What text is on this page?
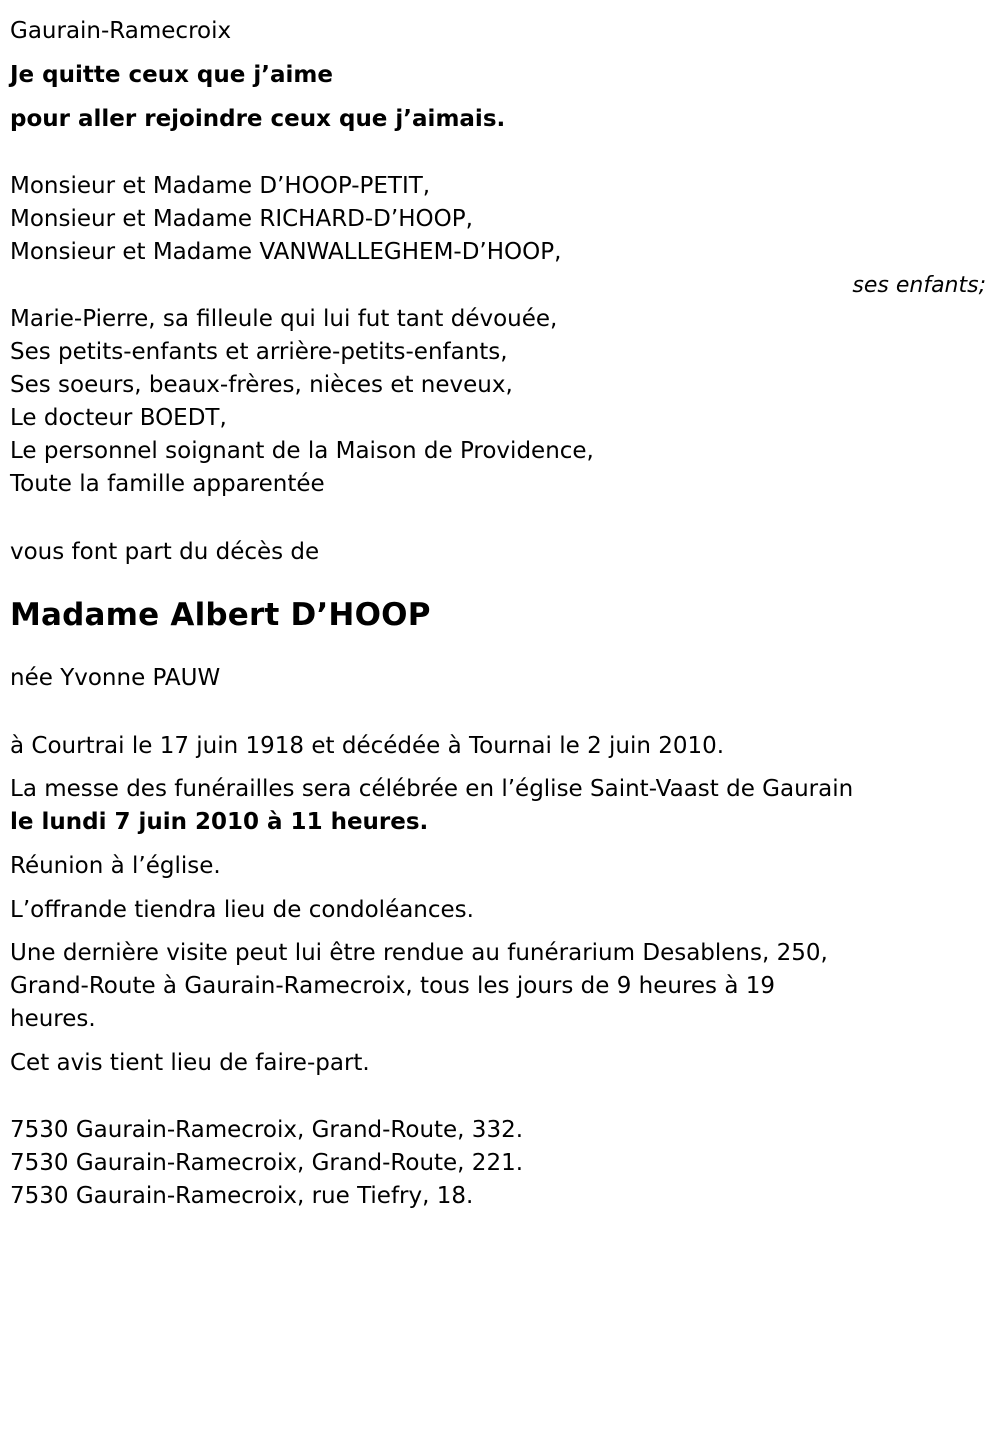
Gaurain-Ramecroix
Je quitte ceux que j’aime
pour aller rejoindre ceux que j’aimais.
Monsieur et Madame D’HOOP-PETIT,
Monsieur et Madame RICHARD-D’HOOP,
Monsieur et Madame VANWALLEGHEM-D’HOOP,
ses enfants;
Marie-Pierre, sa filleule qui lui fut tant dévouée,
Ses petits-enfants et arrière-petits-enfants,
Ses soeurs, beaux-frères, nièces et neveux,
Le docteur BOEDT,
Le personnel soignant de la Maison de Providence,
Toute la famille apparentée
vous font part du décès de
Madame Albert D’HOOP
née Yvonne PAUW
à Courtrai le 17 juin 1918 et décédée à Tournai le 2 juin 2010.
La messe des funérailles sera célébrée en l’église Saint-Vaast de Gaurain
le lundi 7 juin 2010 à 11 heures.
Réunion à l’église.
L’offrande tiendra lieu de condoléances.
Une dernière visite peut lui être rendue au funérarium Desablens, 250,
Grand-Route à Gaurain-Ramecroix, tous les jours de 9 heures à 19
heures.
Cet avis tient lieu de faire-part.
7530 Gaurain-Ramecroix, Grand-Route, 332.
7530 Gaurain-Ramecroix, Grand-Route, 221.
7530 Gaurain-Ramecroix, rue Tiefry, 18.
